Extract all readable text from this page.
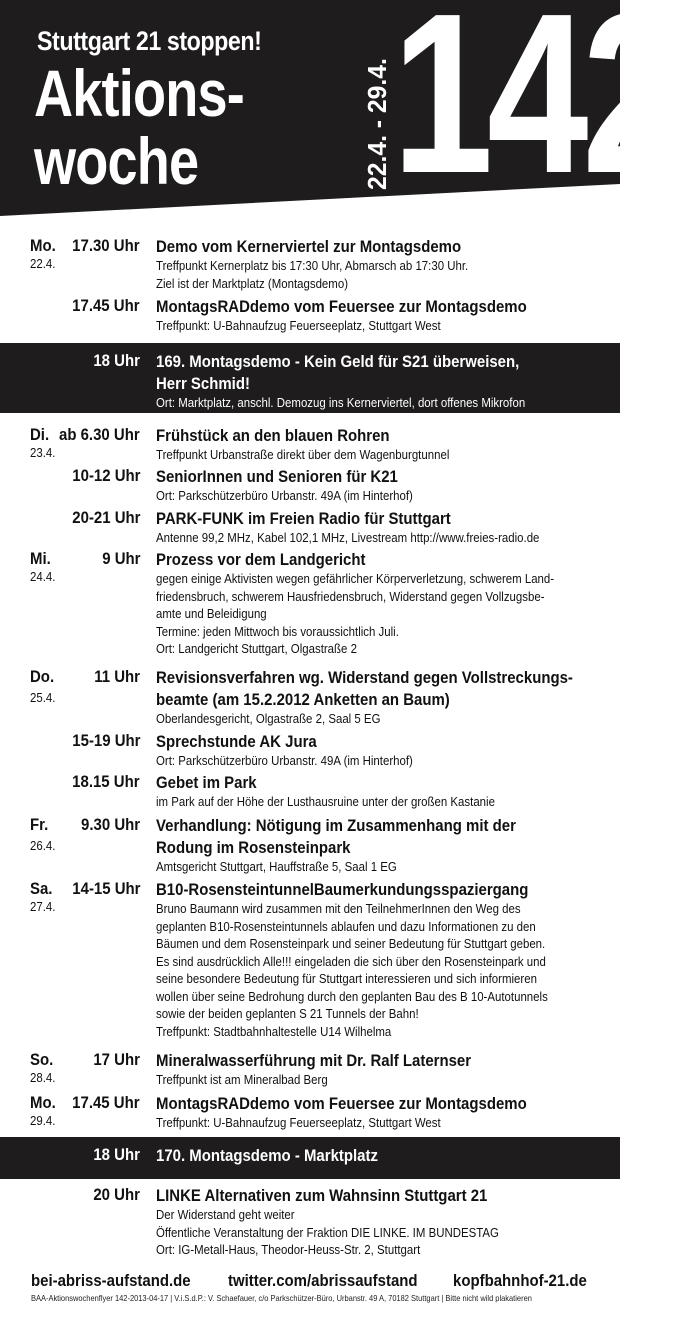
Stuttgart 21 stoppen!
Aktions-
woche	22.4. - 29.4. 142
Mo.
22.4.
17.30 Uhr Demo vom Kernerviertel zur Montagsdemo
Treffpunkt Kernerplatz bis 17:30 Uhr, Abmarsch ab 17:30 Uhr.
Ziel ist der Marktplatz (Montagsdemo)
17.45 Uhr MontagsRADdemo vom Feuersee zur Montagsdemo
Treffpunkt: U-Bahnaufzug Feuerseeplatz, Stuttgart West
18 Uhr 169. Montagsdemo - Kein Geld für S21 überweisen,
Herr Schmid!
Ort: Marktplatz, anschl. Demozug ins Kernerviertel, dort offenes Mikrofon
Di.
23.4.
ab 6.30 Uhr Frühstück an den blauen Rohren
Treffpunkt Urbanstraße direkt über dem Wagenburgtunnel
10-12 Uhr SeniorInnen und Senioren für K21
Ort: Parkschützerbüro Urbanstr. 49A (im Hinterhof)
20-21 Uhr PARK-FUNK im Freien Radio für Stuttgart
Antenne 99,2 MHz, Kabel 102,1 MHz, Livestream http://www.freies-radio.de
Mi.
24.4.
9 Uhr Prozess vor dem Landgericht
gegen einige Aktivisten wegen gefährlicher Körperverletzung, schwerem Land-
friedensbruch, schwerem Hausfriedensbruch, Widerstand gegen Vollzugsbe-
amte und Beleidigung
Termine: jeden Mittwoch bis voraussichtlich Juli.
Ort: Landgericht Stuttgart, Olgastraße 2
Do.
25.4.
11 Uhr Revisionsverfahren wg. Widerstand gegen Vollstreckungs-
beamte (am 15.2.2012 Anketten an Baum)
Oberlandesgericht, Olgastraße 2, Saal 5 EG
15-19 Uhr Sprechstunde AK Jura
Ort: Parkschützerbüro Urbanstr. 49A (im Hinterhof)
18.15 Uhr Gebet im Park
im Park auf der Höhe der Lusthausruine unter der großen Kastanie
Fr.
26.4.
9.30 Uhr Verhandlung: Nötigung im Zusammenhang mit der
Rodung im Rosensteinpark
Amtsgericht Stuttgart, Hauffstraße 5, Saal 1 EG
Sa.
27.4.
14-15 Uhr B10-RosensteintunnelBaumerkundungsspaziergang
Bruno Baumann wird zusammen mit den TeilnehmerInnen den Weg des
geplanten B10-Rosensteintunnels ablaufen und dazu Informationen zu den
Bäumen und dem Rosensteinpark und seiner Bedeutung für Stuttgart geben.
Es sind ausdrücklich Alle!!! eingeladen die sich über den Rosensteinpark und
seine besondere Bedeutung für Stuttgart interessieren und sich informieren
wollen über seine Bedrohung durch den geplanten Bau des B 10-Autotunnels
sowie der beiden geplanten S 21 Tunnels der Bahn!
Treffpunkt: Stadtbahnhaltestelle U14 Wilhelma
So.
28.4.
17 Uhr Mineralwasserführung mit Dr. Ralf Laternser
Treffpunkt ist am Mineralbad Berg
Mo.
29.4.
17.45 Uhr MontagsRADdemo vom Feuersee zur Montagsdemo
Treffpunkt: U-Bahnaufzug Feuerseeplatz, Stuttgart West
18 Uhr 170. Montagsdemo - Marktplatz
20 Uhr LINKE Alternativen zum Wahnsinn Stuttgart 21
Der Widerstand geht weiter
Öffentliche Veranstaltung der Fraktion DIE LINKE. IM BUNDESTAG
Ort: IG-Metall-Haus, Theodor-Heuss-Str. 2, Stuttgart
bei-abriss-aufstand.de twitter.com/abrissaufstand kopfbahnhof-21.de
BAA-Aktionswochenflyer 142-2013-04-17 | V.i.S.d.P.: V. Schaefauer, c/o Parkschützer-Büro, Urbanstr. 49 A, 70182 Stuttgart | Bitte nicht wild plakatieren
